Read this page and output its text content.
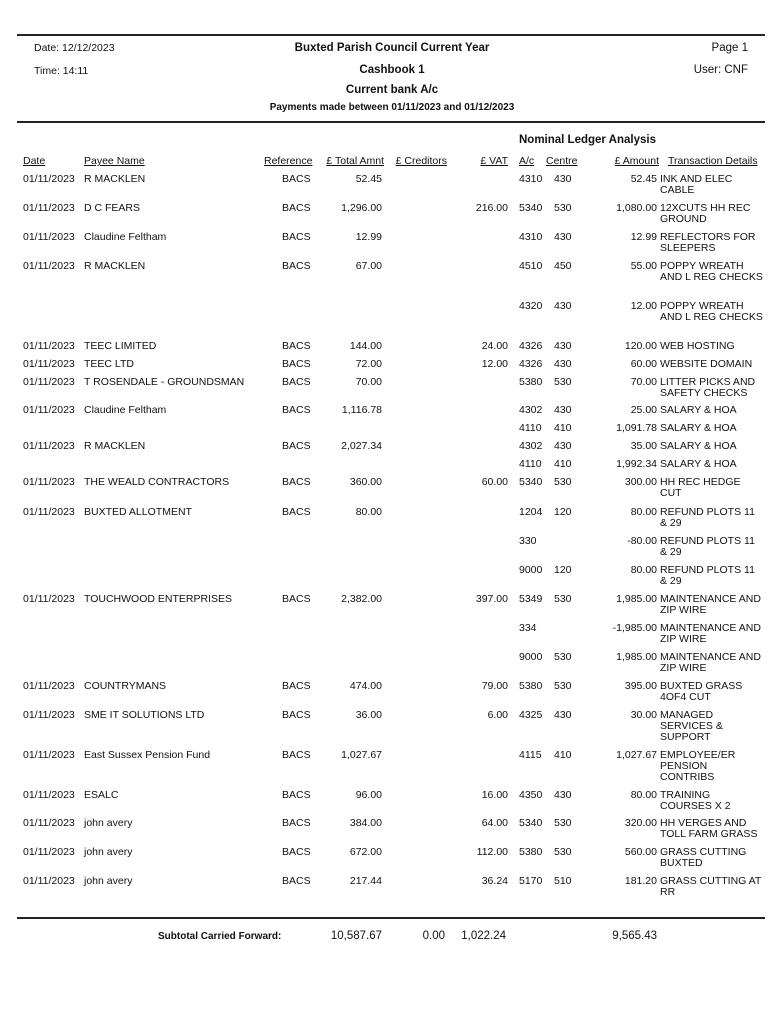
Date: 12/12/2023
Time: 14:11
Buxted Parish Council Current Year
Cashbook 1
Current bank A/c
Payments made between 01/11/2023 and 01/12/2023
Page 1
User: CNF
Nominal Ledger Analysis
Date	Payee Name	Reference £ Total Amnt £ Creditors	£ VAT A/c Centre	£ Amount Transaction Details
01/11/2023 R MACKLEN	BACS	52.45	4310 430	52.45 INK AND ELEC CABLE
01/11/2023 D C FEARS	BACS	1,296.00	216.00 5340 530	1,080.00 12XCUTS HH REC GROUND
01/11/2023 Claudine Feltham	BACS	12.99	4310 430	12.99 REFLECTORS FOR SLEEPERS
01/11/2023 R MACKLEN	BACS	67.00	4510 450	55.00 POPPY WREATH AND L REG CHECKS
4320 430	12.00 POPPY WREATH AND L REG CHECKS
01/11/2023 TEEC LIMITED	BACS	144.00	24.00 4326 430	120.00 WEB HOSTING
01/11/2023 TEEC LTD	BACS	72.00	12.00 4326 430	60.00 WEBSITE DOMAIN
01/11/2023 T ROSENDALE - GROUNDSMAN	BACS	70.00	5380 530	70.00 LITTER PICKS AND SAFETY CHECKS
01/11/2023 Claudine Feltham	BACS	1,116.78	4302 430	25.00 SALARY & HOA
4110 410	1,091.78 SALARY & HOA
01/11/2023 R MACKLEN	BACS	2,027.34	4302 430	35.00 SALARY & HOA
4110 410	1,992.34 SALARY & HOA
01/11/2023 THE WEALD CONTRACTORS	BACS	360.00	60.00 5340 530	300.00 HH REC HEDGE CUT
01/11/2023 BUXTED ALLOTMENT	BACS	80.00	1204 120	80.00 REFUND PLOTS 11 & 29
330	-80.00 REFUND PLOTS 11 & 29
9000 120	80.00 REFUND PLOTS 11 & 29
01/11/2023 TOUCHWOOD ENTERPRISES	BACS	2,382.00	397.00 5349 530	1,985.00 MAINTENANCE AND ZIP WIRE
334	-1,985.00 MAINTENANCE AND ZIP WIRE
9000 530	1,985.00 MAINTENANCE AND ZIP WIRE
01/11/2023 COUNTRYMANS	BACS	474.00	79.00 5380 530	395.00 BUXTED GRASS 4OF4 CUT
01/11/2023 SME IT SOLUTIONS LTD	BACS	36.00	6.00 4325 430	30.00 MANAGED SERVICES & SUPPORT
01/11/2023 East Sussex Pension Fund	BACS	1,027.67	4115 410	1,027.67 EMPLOYEE/ER PENSION CONTRIBS
01/11/2023 ESALC	BACS	96.00	16.00 4350 430	80.00 TRAINING COURSES X 2
01/11/2023 john avery	BACS	384.00	64.00 5340 530	320.00 HH VERGES AND TOLL FARM GRASS
01/11/2023 john avery	BACS	672.00	112.00 5380 530	560.00 GRASS CUTTING BUXTED
01/11/2023 john avery	BACS	217.44	36.24 5170 510	181.20 GRASS CUTTING AT RR
Subtotal Carried Forward:	10,587.67	0.00 1,022.24	9,565.43
